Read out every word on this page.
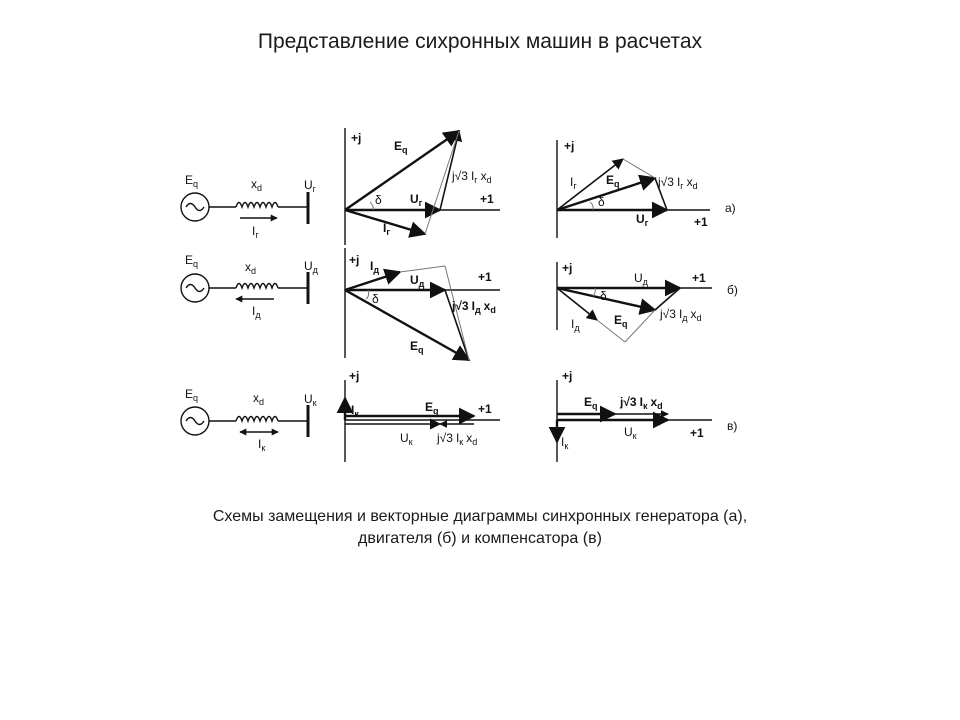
Представление сихронных машин в расчетах
$E_q$	$x_d$	$U_г$
$I_г$
+j
+1
δ
$E_q$
$U_г$
$I_г$
j√3 $I_г$ $x_d$
+j
+1
δ
$E_q$
$I_г$
$U_г$
j√3 $I_г$ $x_d$
а)
$E_q$	$x_d$	$U_д$
$I_д$
+j
+1
δ
$I_д$
$U_д$
$E_q$
j√3 $I_д$ $x_d$
+j
+1
δ
$U_д$
$E_q$
$I_д$
j√3 $I_д$ $x_d$
б)
$E_q$	$x_d$	$U_к$
$I_к$
+j
+1
$I_к$	$E_q$
$U_к$ j√3 $I_к$ $x_d$
+j
+1
$E_q$
$U_к$
$I_к$
j√3 $I_к$ $x_d$
в)
Схемы замещения и векторные диаграммы синхронных генератора (а),
двигателя (б) и компенсатора (в)
